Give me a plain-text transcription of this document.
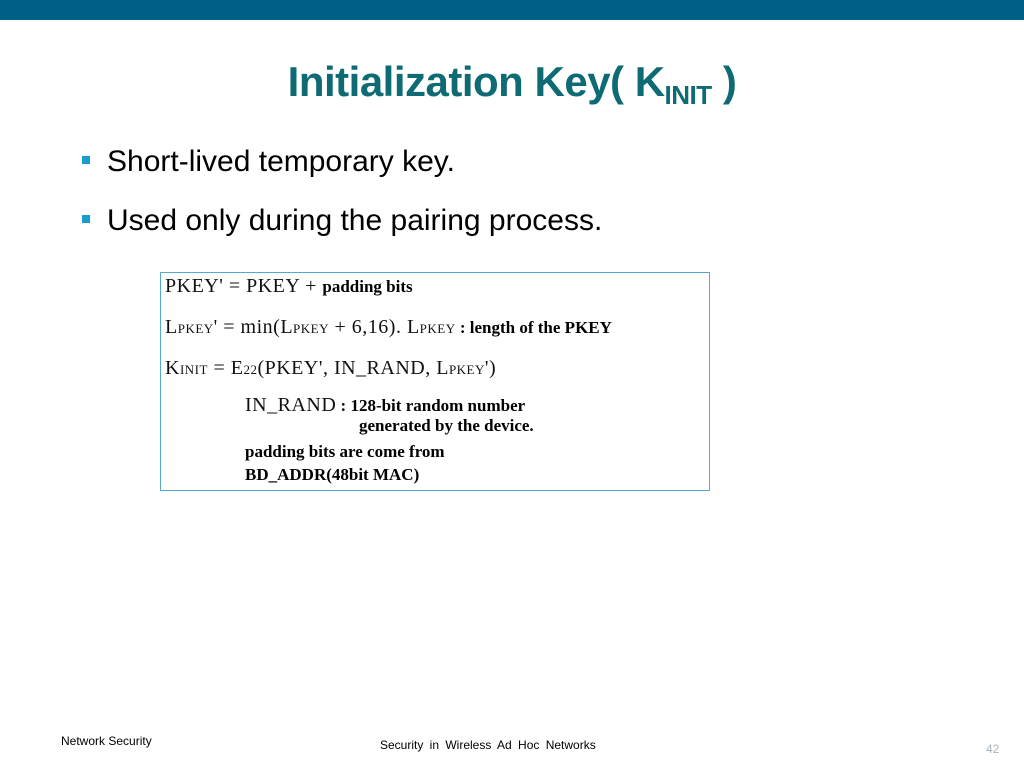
Initialization Key( KINIT )
Short-lived temporary key.
Used only during the pairing process.
PKEY' = PKEY + padding bits
LPKEY' = min(LPKEY + 6,16). LPKEY : length of the PKEY
KINIT = E22(PKEY', IN_RAND, LPKEY')
IN_RAND : 128-bit random number
generated by the device.
padding bits are come from
BD_ADDR(48bit MAC)
Network Security	Security in Wireless Ad Hoc Networks	42
